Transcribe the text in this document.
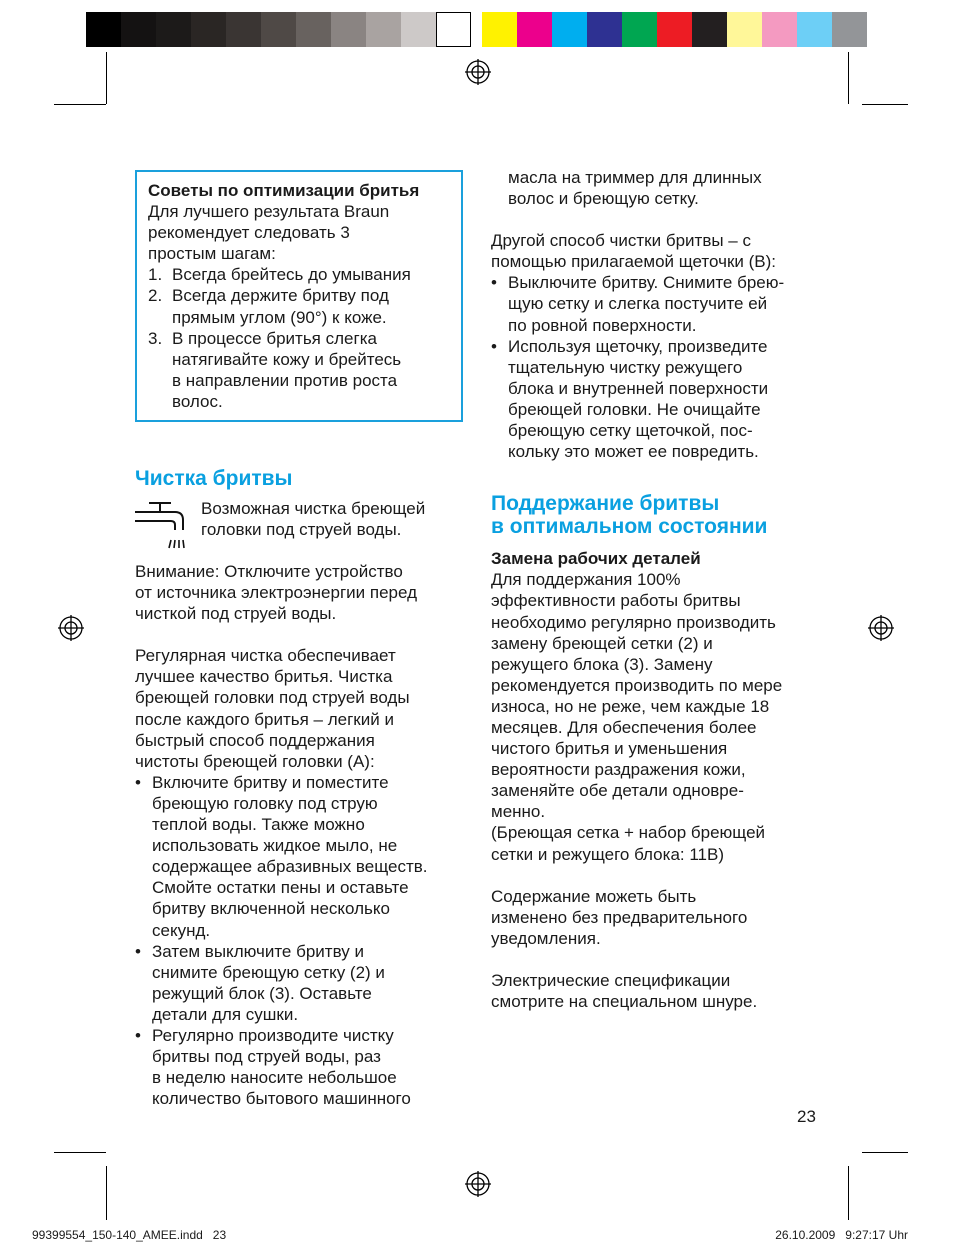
Советы по оптимизации бритья

Для лучшего результата Braun
рекомендует следовать 3
простым шагам:
1. Всегда брейтесь до умывания
2. Всегда держите бритву под
прямым углом (90°) к коже.
3. В процессе бритья слегка
натягивайте кожу и брейтесь
в направлении против роста
волос.
Чистка бритвы
Возможная чистка бреющей
головки под струей воды.
Внимание: Отключите устройство
от источника электроэнергии перед
чисткой под струей воды.
Регулярная чистка обеспечивает
лучшее качество бритья. Чистка
бреющей головки под струей воды
после каждого бритья – легкий и
быстрый способ поддержания
чистоты бреющей головки (A):
• Включите бритву и поместите
бреющую головку под струю
теплой воды. Также можно
использовать жидкое мыло, не
содержащее абразивных веществ.
Смойте остатки пены и оставьте
бритву включенной несколько
секунд.
• Затем выключите бритву и
снимите бреющую сетку (2) и
режущий блок (3). Оставьте
детали для сушки.
• Регулярно производите чистку
бритвы под струей воды, раз
в неделю наносите небольшое
количество бытового машинного
масла на триммер для длинных
волос и бреющую сетку.
Другой способ чистки бритвы – с
помощью прилагаемой щеточки (B):
• Выключите бритву. Снимите брею-
щую сетку и слегка постучите ей
по ровной поверхности.
• Используя щеточку, произведите
тщательную чистку режущего
блока и внутренней поверхности
бреющей головки. Не очищайте
бреющую сетку щеточкой, пос-
кольку это может ее повредить.
Поддержание бритвы
в оптимальном состоянии

Замена рабочих деталей

Для поддержания 100%
эффективности работы бритвы
необходимо регулярно производить
замену бреющей сетки (2) и
режущего блока (3). Замену
рекомендуется производить по мере
износа, но не реже, чем каждые 18
месяцев. Для обеспечения более
чистого бритья и уменьшения
вероятности раздражения кожи,
заменяйте обе детали одновре-
менно.
(Бреющая сетка + набор бреющей
сетки и режущего блока: 11B)
Содержание можеть быть
изменено без предварительного
уведомления.
Электрические спецификации
смотрите на специальном шнуре.
23
99399554_150-140_AMEE.indd   23	26.10.2009   9:27:17 Uhr
